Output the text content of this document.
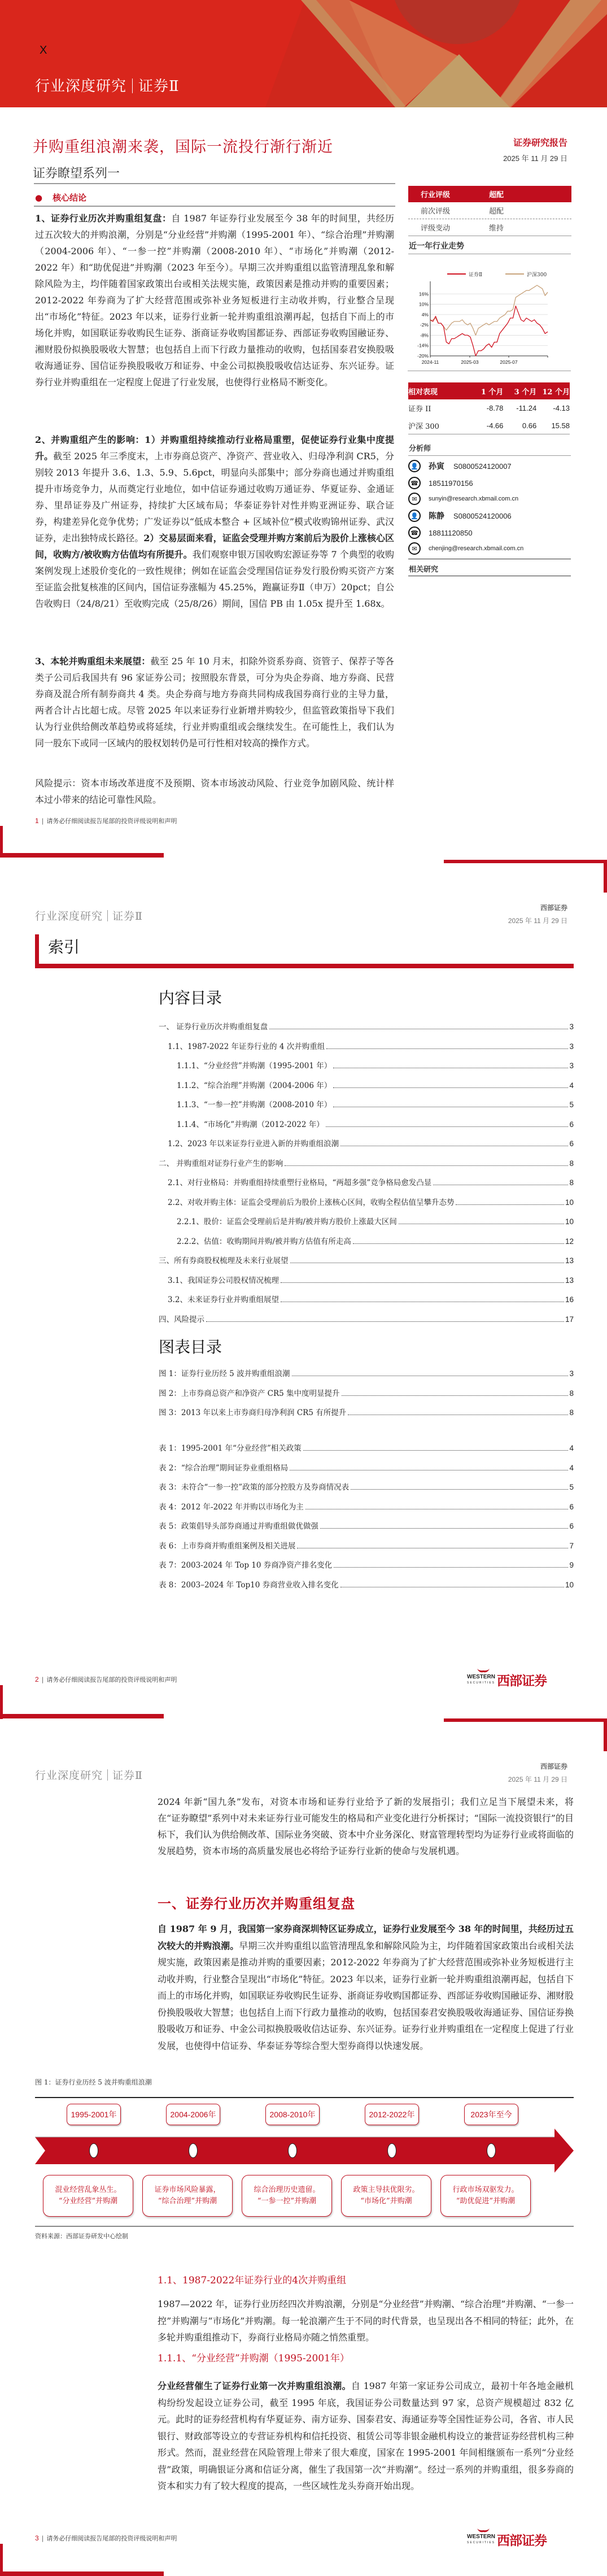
X
行业深度研究 证券Ⅱ
并购重组浪潮来袭，国际一流投行渐行渐近	证券研究报告
2025 年 11 月 29 日
证券瞭望系列一
● 核心结论
1、证券行业历次并购重组复盘：自 1987 年证券行业发展至今 38 年的时间里，共经历过五次较大的并购浪潮，分别是“分业经营”并购潮（1995-2001 年）、“综合治理”并购潮（2004-2006 年）、“一参一控”并购潮（2008-2010 年）、“市场化”并购潮（2012-2022 年）和“助优促进”并购潮（2023 年至今）。早期三次并购重组以监管清理乱象和解除风险为主，均伴随着国家政策出台或相关法规实施，政策因素是推动并购的重要因素；2012-2022 年券商为了扩大经营范围或弥补业务短板进行主动收并购，行业整合呈现出“市场化”特征。2023 年以来，证券行业新一轮并购重组浪潮再起，包括自下而上的市场化并购，如国联证券收购民生证券、浙商证券收购国都证券、西部证券收购国融证券、湘财股份拟换股吸收大智慧；也包括自上而下行政力量推动的收购，包括国泰君安换股吸收海通证券、国信证券换股吸收万和证券、中金公司拟换股吸收信达证券、东兴证券。证券行业并购重组在一定程度上促进了行业发展，也使得行业格局不断变化。
2、并购重组产生的影响：1）并购重组持续推动行业格局重塑，促使证券行业集中度提升。截至 2025 年三季度末，上市券商总资产、净资产、营业收入、归母净利润 CR5，分别较 2013 年提升 3.6、1.3、5.9、5.6pct，明显向头部集中；部分券商也通过并购重组提升市场竞争力，从而奠定行业地位，如中信证券通过收购万通证券、华夏证券、金通证券、里昂证券及广州证券，持续扩大区域布局；华泰证券针对性并购亚洲证券、联合证券，构建差异化竞争优势；广发证券以“低成本整合 + 区域补位”模式收购锦州证券、武汉证券，走出独特成长路径。2）交易层面来看，证监会受理并购方案前后为股价上涨核心区间，收购方/被收购方估值均有所提升。我们观察申银万国收购宏源证券等 7 个典型的收购案例发现上述股价变化的一致性规律；例如在证监会受理国信证券发行股份购买资产方案至证监会批复核准的区间内，国信证券涨幅为 45.25%，跑赢证券Ⅱ（申万）20pct；自公告收购日（24/8/21）至收购完成（25/8/26）期间，国信 PB 由 1.05x 提升至 1.68x。
3、本轮并购重组未来展望：截至 25 年 10 月末，扣除外资系券商、资管子、保荐子等各类子公司后我国共有 96 家证券公司；按照股东背景，可分为央企券商、地方券商、民营券商及混合所有制券商共 4 类。央企券商与地方券商共同构成我国券商行业的主导力量，两者合计占比超七成。尽管 2025 年以来证券行业新增并购较少，但监管政策指导下我们认为行业供给侧改革趋势或将延续，行业并购重组或会继续发生。在可能性上，我们认为同一股东下或同一区域内的股权划转仍是可行性相对较高的操作方式。
风险提示：资本市场改革进度不及预期、资本市场波动风险、行业竞争加剧风险、统计样本过小带来的结论可靠性风险。
行业评级	超配
前次评级	超配
评级变动	维持
近一年行业走势
证券Ⅱ	沪深300
16%
10%
4%
-2%
-8%
-14%
-20%
2024-11	2025-03	2025-07
相对表现	1 个月	3 个月 12 个月
证券 II	-8.78	-11.24	-4.13
沪深 300	-4.66	0.66	15.58
分析师
👤 孙寅 S0800524120007
☎	18511970156
✉	sunyin@research.xbmail.com.cn
👤 陈静 S0800524120006
☎	18811120850
✉	chenjing@research.xbmail.com.cn
相关研究
1 | 请务必仔细阅读报告尾部的投资评级说明和声明
行业深度研究 证券Ⅱ
西部证券
2025 年 11 月 29 日
索引
内容目录
一、 证券行业历次并购重组复盘	3
1.1、1987-2022 年证券行业的 4 次并购重组	3
1.1.1、“分业经营”并购潮（1995-2001 年）	3
1.1.2、“综合治理”并购潮（2004-2006 年）	4
1.1.3、“一参一控”并购潮（2008-2010 年）	5
1.1.4、“市场化”并购潮（2012-2022 年）	6
1.2、2023 年以来证券行业进入新的并购重组浪潮	6
二、 并购重组对证券行业产生的影响	8
2.1、对行业格局：并购重组持续重塑行业格局，“两超多强”竞争格局愈发凸显	8
2.2、对收并购主体：证监会受理前后为股价上涨核心区间，收购全程估值呈攀升态势	10
2.2.1、股价：证监会受理前后是并购/被并购方股价上涨最大区间	10
2.2.2、估值：收购期间并购/被并购方估值有所走高	12
三、所有券商股权梳理及未来行业展望	13
3.1、我国证券公司股权情况梳理	13
3.2、未来证券行业并购重组展望	16
四、风险提示	17
图表目录
图 1：证券行业历经 5 波并购重组浪潮	3
图 2：上市券商总资产和净资产 CR5 集中度明显提升	8
图 3：2013 年以来上市券商归母净利润 CR5 有所提升	8
表 1：1995-2001 年“分业经营”相关政策	4
表 2：“综合治理”期间证券业重组格局	4
表 3：未符合“一参一控”政策的部分控股方及券商情况表	5
表 4：2012 年-2022 年并购以市场化为主	6
表 5：政策倡导头部券商通过并购重组做优做强	6
表 6：上市券商并购重组案例及相关进展	7
表 7：2003-2024 年 Top 10 券商净资产排名变化	9
表 8：2003–2024 年 Top10 券商营业收入排名变化	10
2 | 请务必仔细阅读报告尾部的投资评级说明和声明	WESTERN
SECURITIES 西部证券
行业深度研究 证券Ⅱ
西部证券
2025 年 11 月 29 日
2024 年新“国九条”发布，对资本市场和证券行业给予了新的发展指引；我们立足当下展望未来，将在“证券瞭望”系列中对未来证券行业可能发生的格局和产业变化进行分析探讨；“国际一流投资银行”的目标下，我们认为供给侧改革、国际业务突破、资本中介业务深化、财富管理转型均为证券行业或将面临的发展趋势，资本市场的高质量发展也必将给予证券行业新的使命与发展机遇。
一、证券行业历次并购重组复盘
自 1987 年 9 月，我国第一家券商深圳特区证券成立，证券行业发展至今 38 年的时间里，共经历过五次较大的并购浪潮。早期三次并购重组以监管清理乱象和解除风险为主，均伴随着国家政策出台或相关法规实施，政策因素是推动并购的重要因素；2012-2022 年券商为了扩大经营范围或弥补业务短板进行主动收并购，行业整合呈现出“市场化”特征。2023 年以来，证券行业新一轮并购重组浪潮再起，包括自下而上的市场化并购，如国联证券收购民生证券、浙商证券收购国都证券、西部证券收购国融证券、湘财股份换股吸收大智慧；也包括自上而下行政力量推动的收购，包括国泰君安换股吸收海通证券、国信证券换股吸收万和证券、中金公司拟换股吸收信达证券、东兴证券。证券行业并购重组在一定程度上促进了行业发展，也使得中信证券、华泰证券等综合型大型券商得以快速发展。
图 1：证券行业历经 5 波并购重组浪潮
1995-2001年
混业经营乱象丛生。
“分业经营”并购潮
2004-2006年
证券市场风险暴露，
“综合治理”并购潮
2008-2010年
综合治理历史遗留。
“一参一控”并购潮
2012-2022年
政策主导扶优限劣。
“市场化”并购潮
2023年至今
行政市场双驱发力。
“助优促进”并购潮
资料来源：西部证券研发中心绘制
1.1、1987-2022年证券行业的4次并购重组
1987—2022 年，证券行业历经四次并购浪潮，分别是“分业经营”并购潮、“综合治理”并购潮、“一参一控”并购潮与“市场化”并购潮。每一轮浪潮产生于不同的时代背景，也呈现出各不相同的特征；此外，在多轮并购重组推动下，券商行业格局亦随之悄然重塑。
1.1.1、“分业经营”并购潮（1995-2001年）
分业经营催生了证券行业第一次并购重组浪潮。自 1987 年第一家证券公司成立，最初十年各地金融机构纷纷发起设立证券公司，截至 1995 年底，我国证券公司数量达到 97 家，总资产规模超过 832 亿元。此时的证券经营机构有华夏证券、南方证券、国泰君安、海通证券等全国性证券公司，各省、市人民银行、财政部等设立的专营证券机构和信托投资、租赁公司等非银金融机构设立的兼营证券经营机构三种形式。然而，混业经营在风险管理上带来了很大难度，国家在 1995-2001 年间相继颁布一系列“分业经营”政策，明确银证分离和信证分离，催生了我国第一次“并购潮”。经过一系列的并购重组，很多券商的资本和实力有了较大程度的提高，一些区域性龙头券商开始出现。
3 | 请务必仔细阅读报告尾部的投资评级说明和声明	WESTERN
SECURITIES 西部证券
